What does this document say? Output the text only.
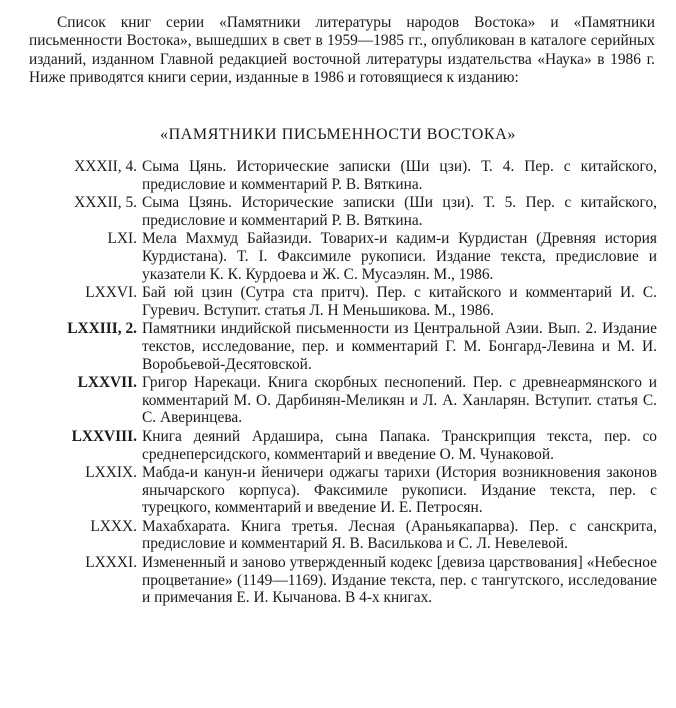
Список книг серии «Памятники литературы народов Востока» и «Памятники письменности Востока», вышедших в свет в 1959—1985 гг., опубликован в каталоге серийных изданий, изданном Главной редакцией восточной литературы издательства «Наука» в 1986 г. Ниже приводятся книги серии, изданные в 1986 и готовящиеся к изданию:

«ПАМЯТНИКИ ПИСЬМЕННОСТИ ВОСТОКА»

XXXII, 4. Сыма Цянь. Исторические записки (Ши цзи). Т. 4. Пер. с китайского, предисловие и комментарий Р. В. Вяткина.
XXXII, 5. Сыма Цзянь. Исторические записки (Ши цзи). Т. 5. Пер. с китайского, предисловие и комментарий Р. В. Вяткина.
LXI. Мела Махмуд Байазиди. Товарих-и кадим-и Курдистан (Древняя история Курдистана). Т. I. Факсимиле рукописи. Издание текста, предисловие и указатели К. К. Курдоева и Ж. С. Мусаэлян. М., 1986.
LXXVI. Бай юй цзин (Сутра ста притч). Пер. с китайского и комментарий И. С. Гуревич. Вступит. статья Л. Н Меньшикова. М., 1986.
LXXIII, 2. Памятники индийской письменности из Центральной Азии. Вып. 2. Издание текстов, исследование, пер. и комментарий Г. М. Бонгард-Левина и М. И. Воробьевой-Десятовской.
LXXVII. Григор Нарекаци. Книга скорбных песнопений. Пер. с древнеармянского и комментарий М. О. Дарбинян-Меликян и Л. А. Ханларян. Вступит. статья С. С. Аверинцева.
LXXVIII. Книга деяний Ардашира, сына Папака. Транскрипция текста, пер. со среднеперсидского, комментарий и введение О. М. Чунаковой.
LXXIX. Мабда-и канун-и йеничери оджагы тарихи (История возникновения законов янычарского корпуса). Факсимиле рукописи. Издание текста, пер. с турецкого, комментарий и введение И. Е. Петросян.
LXXX. Махабхарата. Книга третья. Лесная (Араньякапарва). Пер. с санскрита, предисловие и комментарий Я. В. Василькова и С. Л. Невелевой.
LXXXI. Измененный и заново утвержденный кодекс [девиза царствования] «Небесное процветание» (1149—1169). Издание текста, пер. с тангутского, исследование и примечания Е. И. Кычанова. В 4-х книгах.
